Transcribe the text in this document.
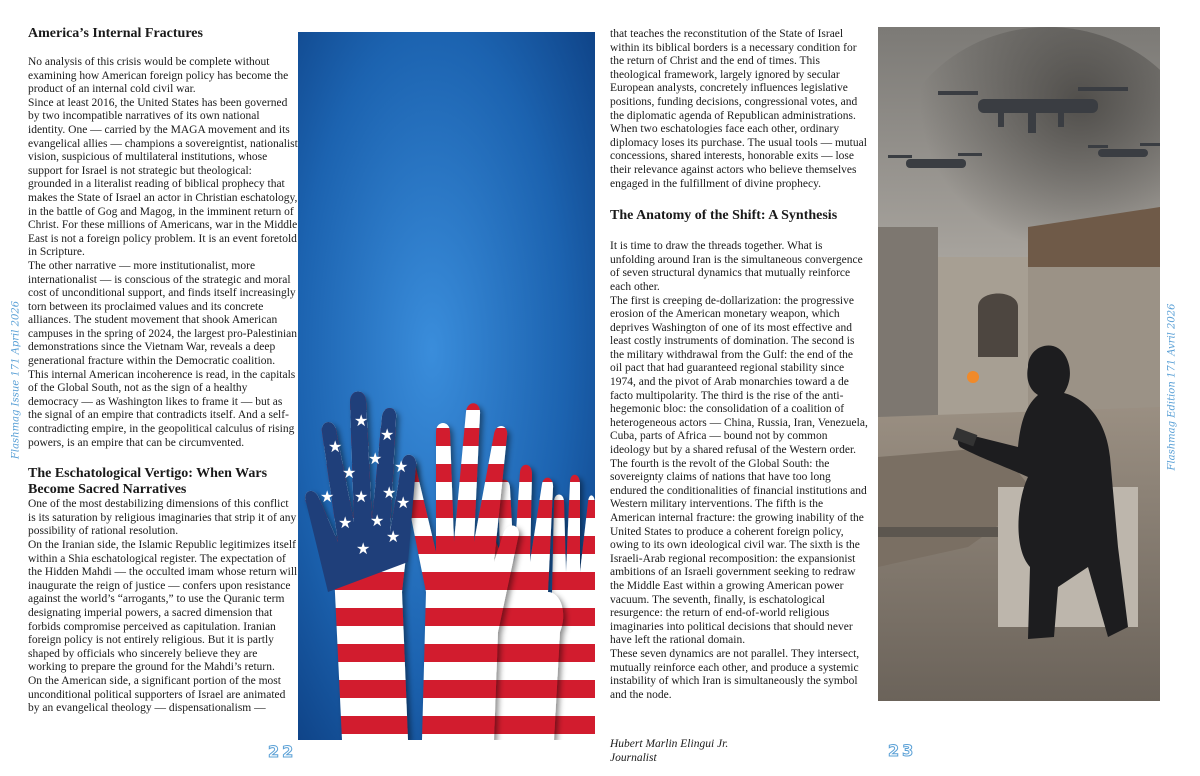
America’s Internal Fractures

No analysis of this crisis would be complete without examining how American foreign policy has become the product of an internal cold civil war.

Since at least 2016, the United States has been governed by two incompatible narratives of its own national identity. One — carried by the MAGA movement and its evangelical allies — champions a sovereigntist, nationalist vision, suspicious of multilateral institutions, whose support for Israel is not strategic but theological: grounded in a literalist reading of biblical prophecy that makes the State of Israel an actor in Christian eschatology, in the battle of Gog and Magog, in the imminent return of Christ. For these millions of Americans, war in the Middle East is not a foreign policy problem. It is an event foretold in Scripture.

The other narrative — more institutionalist, more internationalist — is conscious of the strategic and moral cost of unconditional support, and finds itself increasingly torn between its proclaimed values and its concrete alliances. The student movement that shook American campuses in the spring of 2024, the largest pro-Palestinian demonstrations since the Vietnam War, reveals a deep generational fracture within the Democratic coalition. This internal American incoherence is read, in the capitals of the Global South, not as the sign of a healthy democracy — as Washington likes to frame it — but as the signal of an empire that contradicts itself. And a self-contradicting empire, in the geopolitical calculus of rising powers, is an empire that can be circumvented.

The Eschatological Vertigo: When Wars Become Sacred Narratives

One of the most destabilizing dimensions of this conflict is its saturation by religious imaginaries that strip it of any possibility of rational resolution.

On the Iranian side, the Islamic Republic legitimizes itself within a Shia eschatological register. The expectation of the Hidden Mahdi — the occulted imam whose return will inaugurate the reign of justice — confers upon resistance against the world’s “arrogants,” to use the Quranic term designating imperial powers, a sacred dimension that forbids compromise perceived as capitulation. Iranian foreign policy is not entirely religious. But it is partly shaped by officials who sincerely believe they are working to prepare the ground for the Mahdi’s return.

On the American side, a significant portion of the most unconditional political supporters of Israel are animated by an evangelical theology — dispensationalism —

Flashmag Issue 171 April 2026
22
★
★
★
★
★ ★
★ ★ ★
★ ★
★
★
★

that teaches the reconstitution of the State of Israel within its biblical borders is a necessary condition for the return of Christ and the end of times. This theological framework, largely ignored by secular European analysts, concretely influences legislative positions, funding decisions, congressional votes, and the diplomatic agenda of Republican administrations.

When two eschatologies face each other, ordinary diplomacy loses its purchase. The usual tools — mutual concessions, shared interests, honorable exits — lose their relevance against actors who believe themselves engaged in the fulfillment of divine prophecy.

The Anatomy of the Shift: A Synthesis

It is time to draw the threads together. What is unfolding around Iran is the simultaneous convergence of seven structural dynamics that mutually reinforce each other.

The first is creeping de-dollarization: the progressive erosion of the American monetary weapon, which deprives Washington of one of its most effective and least costly instruments of domination. The second is the military withdrawal from the Gulf: the end of the oil pact that had guaranteed regional stability since 1974, and the pivot of Arab monarchies toward a de facto multipolarity. The third is the rise of the anti-hegemonic bloc: the consolidation of a coalition of heterogeneous actors — China, Russia, Iran, Venezuela, Cuba, parts of Africa — bound not by common ideology but by a shared refusal of the Western order. The fourth is the revolt of the Global South: the sovereignty claims of nations that have too long endured the conditionalities of financial institutions and Western military interventions. The fifth is the American internal fracture: the growing inability of the United States to produce a coherent foreign policy, owing to its own ideological civil war. The sixth is the Israeli-Arab regional recomposition: the expansionist ambitions of an Israeli government seeking to redraw the Middle East within a growing American power vacuum. The seventh, finally, is eschatological resurgence: the return of end-of-world religious imaginaries into political decisions that should never have left the rational domain.

These seven dynamics are not parallel. They intersect, mutually reinforce each other, and produce a systemic instability of which Iran is simultaneously the symbol and the node.

Hubert Marlin Elingui Jr.
Journalist
Flashmag Edition 171 Avril 2026
23
